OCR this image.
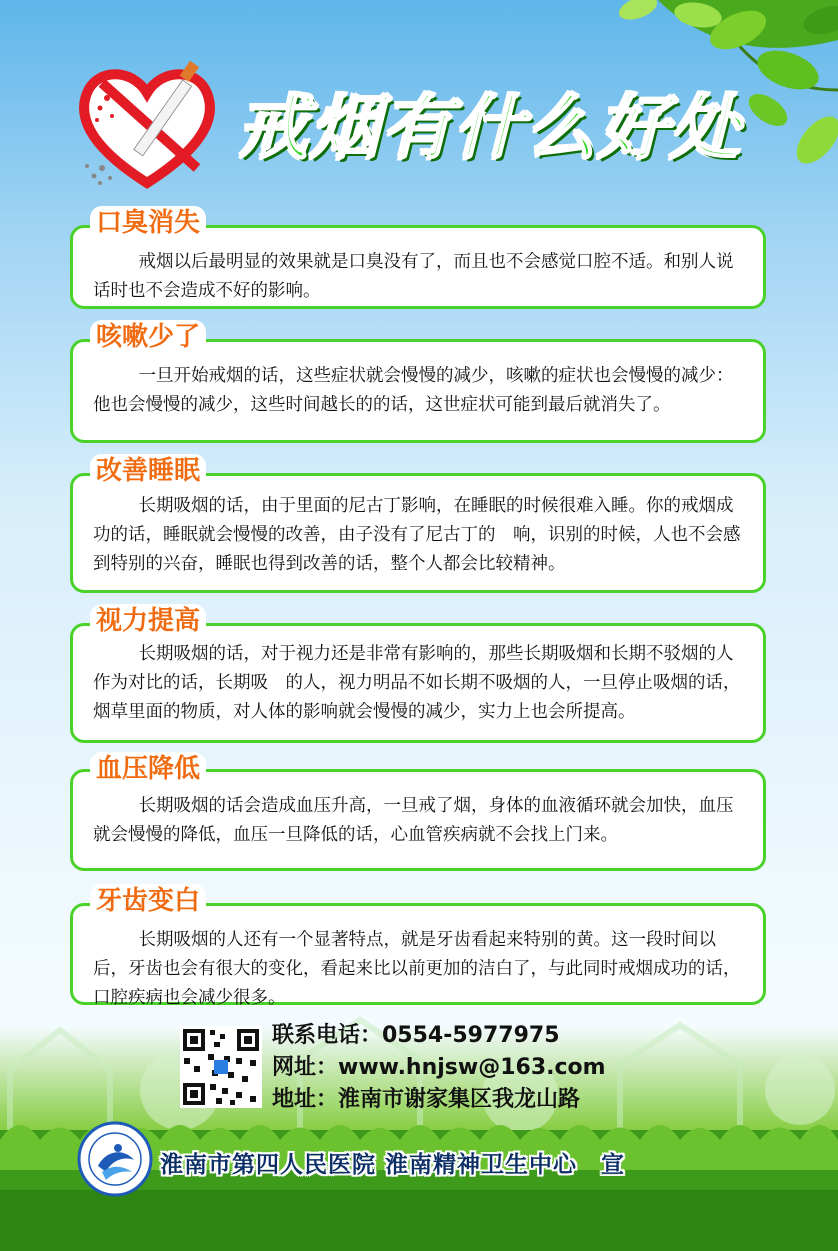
戒烟有什么好处
口臭消失
戒烟以后最明显的效果就是口臭没有了，而且也不会感觉口腔不适。和别人说话时也不会造成不好的影响。
咳嗽少了
一旦开始戒烟的话，这些症状就会慢慢的减少，咳嗽的症状也会慢慢的减少：他也会慢慢的减少，这些时间越长的的话，这世症状可能到最后就消失了。
改善睡眠
长期吸烟的话，由于里面的尼古丁影响，在睡眠的时候很难入睡。你的戒烟成功的话，睡眠就会慢慢的改善，由子没有了尼古丁的　响，识别的时候，人也不会感到特别的兴奋，睡眠也得到改善的话，整个人都会比较精神。
视力提高
长期吸烟的话，对于视力还是非常有影响的，那些长期吸烟和长期不驳烟的人作为对比的话，长期吸　的人，视力明品不如长期不吸烟的人，一旦停止吸烟的话，烟草里面的物质，对人体的影响就会慢慢的减少，实力上也会所提高。
血压降低
长期吸烟的话会造成血压升高，一旦戒了烟，身体的血液循环就会加快，血压就会慢慢的降低，血压一旦降低的话，心血管疾病就不会找上门来。
牙齿变白
长期吸烟的人还有一个显著特点，就是牙齿看起来特别的黄。这一段时间以后，牙齿也会有很大的变化，看起来比以前更加的洁白了，与此同时戒烟成功的话，口腔疾病也会减少很多。
联系电话：0554-5977975
网址：www.hnjsw@163.com
地址：淮南市谢家集区我龙山路
淮南市第四人民医院 淮南精神卫生中心　宣
